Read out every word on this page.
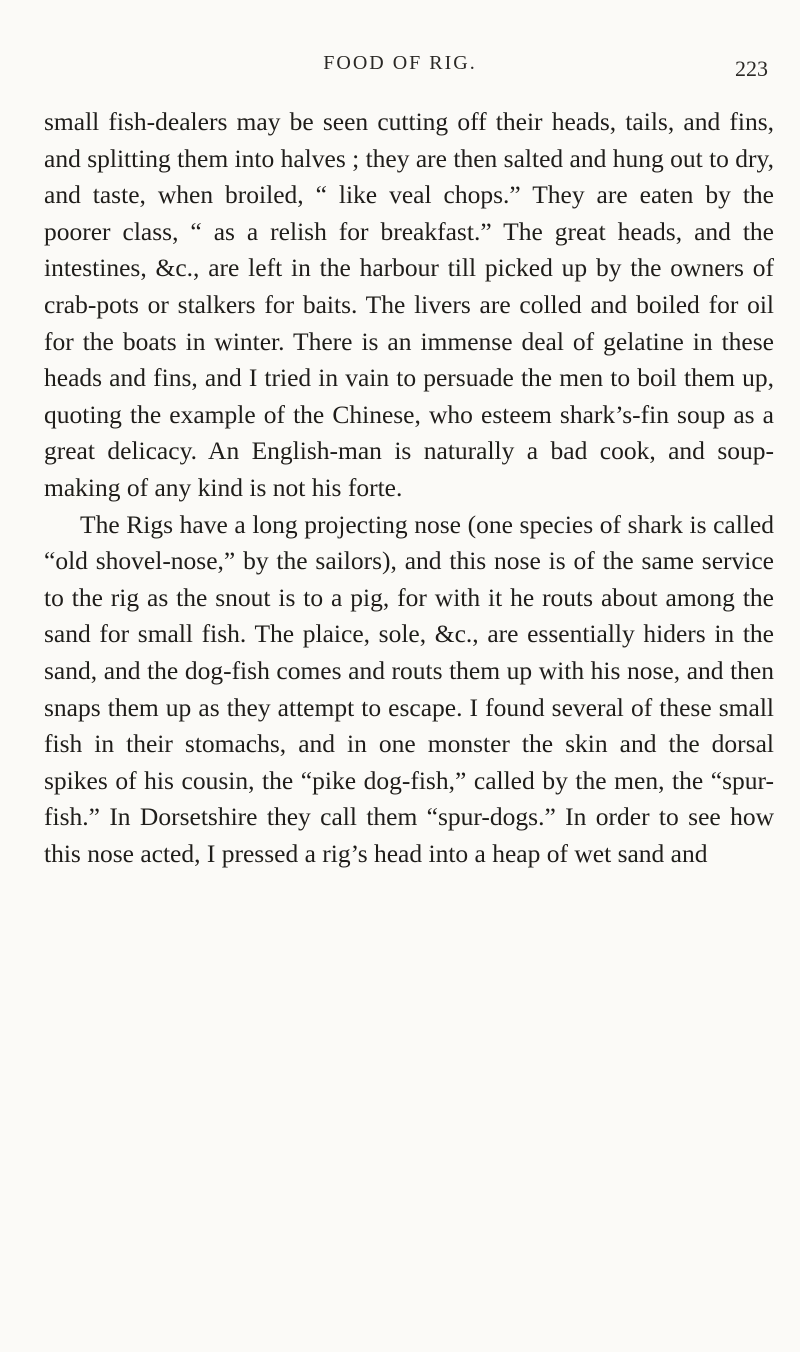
FOOD OF RIG.	223

small fish-dealers may be seen cutting off their heads, tails, and fins, and splitting them into halves ; they are then salted and hung out to dry, and taste, when broiled, “ like veal chops.” They are eaten by the poorer class, “ as a relish for breakfast.” The great heads, and the intestines, &c., are left in the harbour till picked up by the owners of crab-pots or stalkers for baits. The livers are colled and boiled for oil for the boats in winter. There is an immense deal of gelatine in these heads and fins, and I tried in vain to persuade the men to boil them up, quoting the example of the Chinese, who esteem shark’s-fin soup as a great delicacy. An English-man is naturally a bad cook, and soup-making of any kind is not his forte.

The Rigs have a long projecting nose (one species of shark is called “old shovel-nose,” by the sailors), and this nose is of the same service to the rig as the snout is to a pig, for with it he routs about among the sand for small fish. The plaice, sole, &c., are essentially hiders in the sand, and the dog-fish comes and routs them up with his nose, and then snaps them up as they attempt to escape. I found several of these small fish in their stomachs, and in one monster the skin and the dorsal spikes of his cousin, the “pike dog-fish,” called by the men, the “spur-fish.” In Dorsetshire they call them “spur-dogs.” In order to see how this nose acted, I pressed a rig’s head into a heap of wet sand and
